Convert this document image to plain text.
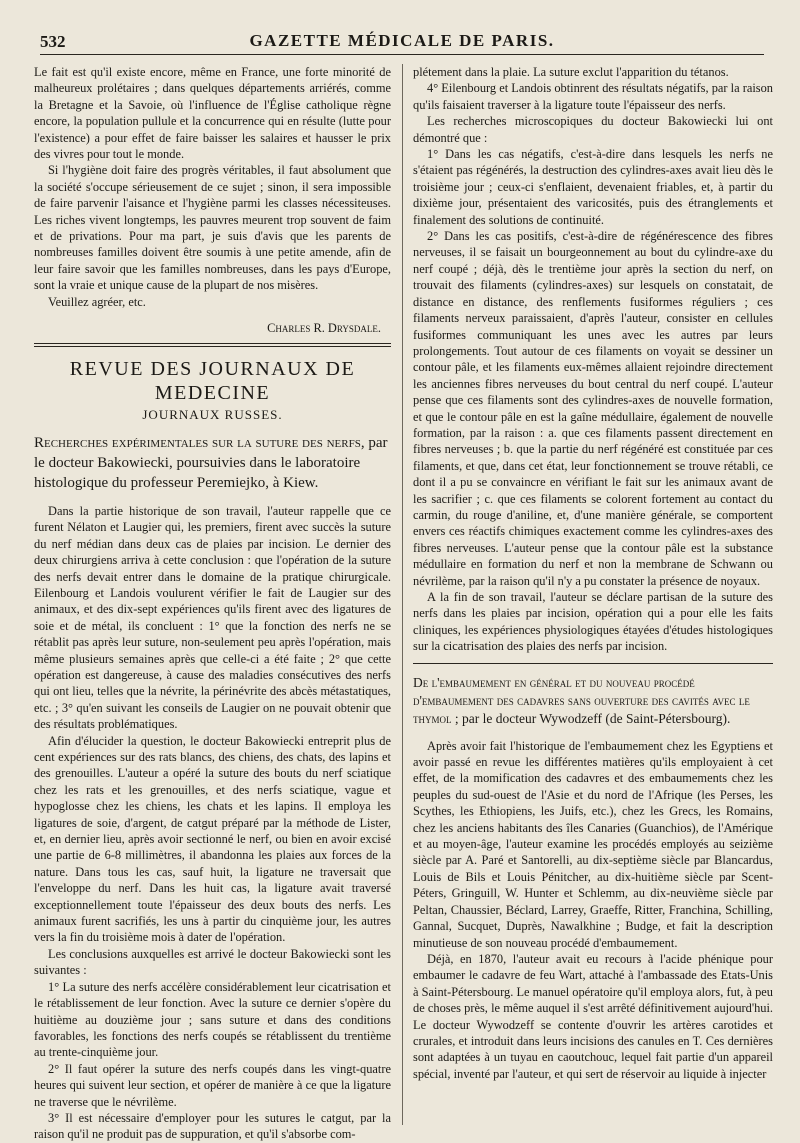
532	GAZETTE MÉDICALE DE PARIS.

Le fait est qu'il existe encore, même en France, une forte minorité de malheureux prolétaires ; dans quelques départements arriérés, comme la Bretagne et la Savoie, où l'influence de l'Église catholique règne encore, la population pullule et la concurrence qui en résulte (lutte pour l'existence) a pour effet de faire baisser les salaires et hausser le prix des vivres pour tout le monde.

Si l'hygiène doit faire des progrès véritables, il faut absolument que la société s'occupe sérieusement de ce sujet ; sinon, il sera impossible de faire parvenir l'aisance et l'hygiène parmi les classes nécessiteuses. Les riches vivent longtemps, les pauvres meurent trop souvent de faim et de privations. Pour ma part, je suis d'avis que les parents de nombreuses familles doivent être soumis à une petite amende, afin de leur faire savoir que les familles nombreuses, dans les pays d'Europe, sont la vraie et unique cause de la plupart de nos misères.

Veuillez agréer, etc.

Charles R. Drysdale.

REVUE DES JOURNAUX DE MEDECINE
JOURNAUX RUSSES.

Recherches expérimentales sur la suture des nerfs, par le docteur Bakowiecki, poursuivies dans le laboratoire histologique du professeur Peremiejko, à Kiew.

Dans la partie historique de son travail, l'auteur rappelle que ce furent Nélaton et Laugier qui, les premiers, firent avec succès la suture du nerf médian dans deux cas de plaies par incision. Le dernier des deux chirurgiens arriva à cette conclusion : que l'opération de la suture des nerfs devait entrer dans le domaine de la pratique chirurgicale. Eilenbourg et Landois voulurent vérifier le fait de Laugier sur des animaux, et des dix-sept expériences qu'ils firent avec des ligatures de soie et de métal, ils concluent : 1° que la fonction des nerfs ne se rétablit pas après leur suture, non-seulement peu après l'opération, mais même plusieurs semaines après que celle-ci a été faite ; 2° que cette opération est dangereuse, à cause des maladies consécutives des nerfs qui ont lieu, telles que la névrite, la périnévrite des abcès métastatiques, etc. ; 3° qu'en suivant les conseils de Laugier on ne pouvait obtenir que des résultats problématiques.

Afin d'élucider la question, le docteur Bakowiecki entreprit plus de cent expériences sur des rats blancs, des chiens, des chats, des lapins et des grenouilles. L'auteur a opéré la suture des bouts du nerf sciatique chez les rats et les grenouilles, et des nerfs sciatique, vague et hypoglosse chez les chiens, les chats et les lapins. Il employa les ligatures de soie, d'argent, de catgut préparé par la méthode de Lister, et, en dernier lieu, après avoir sectionné le nerf, ou bien en avoir excisé une partie de 6-8 millimètres, il abandonna les plaies aux forces de la nature. Dans tous les cas, sauf huit, la ligature ne traversait que l'enveloppe du nerf. Dans les huit cas, la ligature avait traversé exceptionnellement toute l'épaisseur des deux bouts des nerfs. Les animaux furent sacrifiés, les uns à partir du cinquième jour, les autres vers la fin du troisième mois à dater de l'opération.

Les conclusions auxquelles est arrivé le docteur Bakowiecki sont les suivantes :

1° La suture des nerfs accélère considérablement leur cicatrisation et le rétablissement de leur fonction. Avec la suture ce dernier s'opère du huitième au douzième jour ; sans suture et dans des conditions favorables, les fonctions des nerfs coupés se rétablissent du trentième au trente-cinquième jour.

2° Il faut opérer la suture des nerfs coupés dans les vingt-quatre heures qui suivent leur section, et opérer de manière à ce que la ligature ne traverse que le névrilème.

3° Il est nécessaire d'employer pour les sutures le catgut, par la raison qu'il ne produit pas de suppuration, et qu'il s'absorbe com-

plétement dans la plaie. La suture exclut l'apparition du tétanos.

4° Eilenbourg et Landois obtinrent des résultats négatifs, par la raison qu'ils faisaient traverser à la ligature toute l'épaisseur des nerfs.

Les recherches microscopiques du docteur Bakowiecki lui ont démontré que :

1° Dans les cas négatifs, c'est-à-dire dans lesquels les nerfs ne s'étaient pas régénérés, la destruction des cylindres-axes avait lieu dès le troisième jour ; ceux-ci s'enflaient, devenaient friables, et, à partir du dixième jour, présentaient des varicosités, puis des étranglements et finalement des solutions de continuité.

2° Dans les cas positifs, c'est-à-dire de régénérescence des fibres nerveuses, il se faisait un bourgeonnement au bout du cylindre-axe du nerf coupé ; déjà, dès le trentième jour après la section du nerf, on trouvait des filaments (cylindres-axes) sur lesquels on constatait, de distance en distance, des renflements fusiformes réguliers ; ces filaments nerveux paraissaient, d'après l'auteur, consister en cellules fusiformes communiquant les unes avec les autres par leurs prolongements. Tout autour de ces filaments on voyait se dessiner un contour pâle, et les filaments eux-mêmes allaient rejoindre directement les anciennes fibres nerveuses du bout central du nerf coupé. L'auteur pense que ces filaments sont des cylindres-axes de nouvelle formation, et que le contour pâle en est la gaîne médullaire, également de nouvelle formation, par la raison : a. que ces filaments passent directement en fibres nerveuses ; b. que la partie du nerf régénéré est constituée par ces filaments, et que, dans cet état, leur fonctionnement se trouve rétabli, ce dont il a pu se convaincre en vérifiant le fait sur les animaux avant de les sacrifier ; c. que ces filaments se colorent fortement au contact du carmin, du rouge d'aniline, et, d'une manière générale, se comportent envers ces réactifs chimiques exactement comme les cylindres-axes des fibres nerveuses. L'auteur pense que la contour pâle est la substance médullaire en formation du nerf et non la membrane de Schwann ou névrilème, par la raison qu'il n'y a pu constater la présence de noyaux.

A la fin de son travail, l'auteur se déclare partisan de la suture des nerfs dans les plaies par incision, opération qui a pour elle les faits cliniques, les expériences physiologiques étayées d'études histologiques sur la cicatrisation des plaies des nerfs par incision.

De l'embaumement en général et du nouveau procédé d'embaumement des cadavres sans ouverture des cavités avec le thymol ; par le docteur Wywodzeff (de Saint-Pétersbourg).

Après avoir fait l'historique de l'embaumement chez les Egyptiens et avoir passé en revue les différentes matières qu'ils employaient à cet effet, de la momification des cadavres et des embaumements chez les peuples du sud-ouest de l'Asie et du nord de l'Afrique (les Perses, les Scythes, les Ethiopiens, les Juifs, etc.), chez les Grecs, les Romains, chez les anciens habitants des îles Canaries (Guanchios), de l'Amérique et au moyen-âge, l'auteur examine les procédés employés au seizième siècle par A. Paré et Santorelli, au dix-septième siècle par Blancardus, Louis de Bils et Louis Pénitcher, au dix-huitième siècle par Scent-Péters, Gringuill, W. Hunter et Schlemm, au dix-neuvième siècle par Peltan, Chaussier, Béclard, Larrey, Graeffe, Ritter, Franchina, Schilling, Gannal, Sucquet, Duprès, Nawalkhine ; Budge, et fait la description minutieuse de son nouveau procédé d'embaumement.

Déjà, en 1870, l'auteur avait eu recours à l'acide phénique pour embaumer le cadavre de feu Wart, attaché à l'ambassade des Etats-Unis à Saint-Pétersbourg. Le manuel opératoire qu'il employa alors, fut, à peu de choses près, le même auquel il s'est arrêté définitivement aujourd'hui. Le docteur Wywodzeff se contente d'ouvrir les artères carotides et crurales, et introduit dans leurs incisions des canules en T. Ces dernières sont adaptées à un tuyau en caoutchouc, lequel fait partie d'un appareil spécial, inventé par l'auteur, et qui sert de réservoir au liquide à injecter
